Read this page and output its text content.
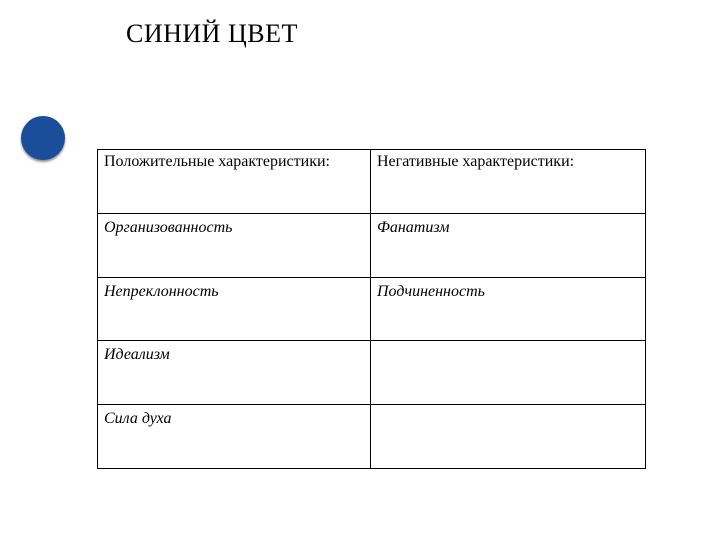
СИНИЙ ЦВЕТ
Положительные характеристики:	Негативные характеристики:
Организованность	Фанатизм
Непреклонность	Подчиненность
Идеализм	
Сила духа	
